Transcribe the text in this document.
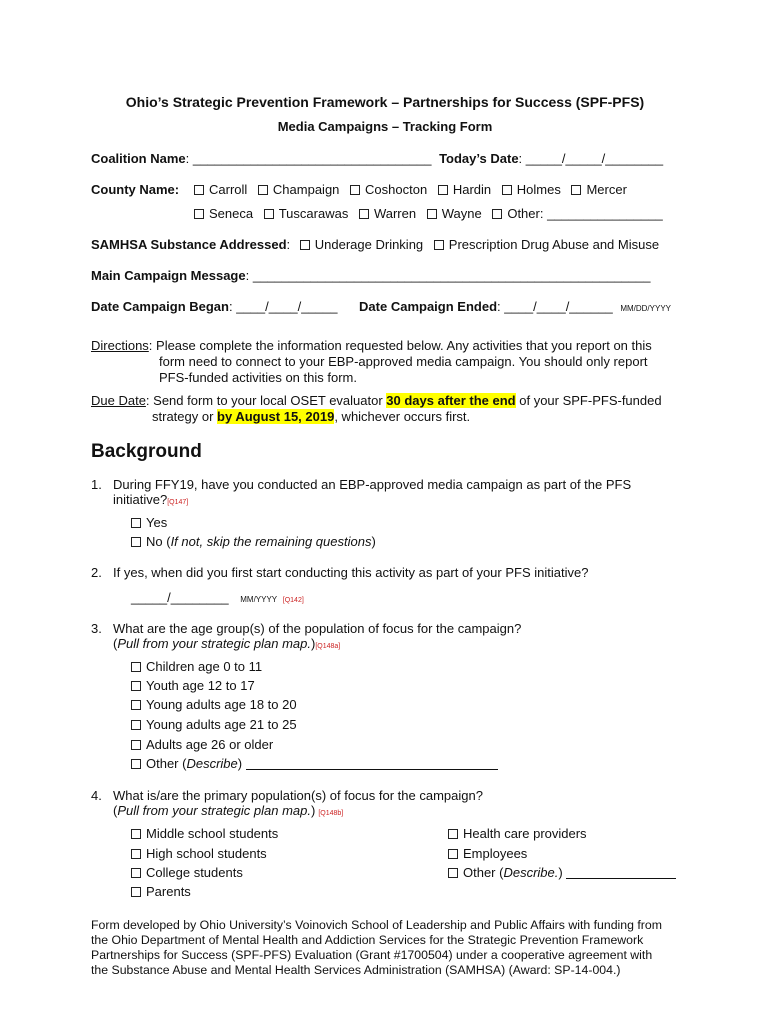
Ohio’s Strategic Prevention Framework – Partnerships for Success (SPF-PFS)
Media Campaigns – Tracking Form
Coalition Name: _________________________________ Today’s Date: _____/_____/________
County Name:	Carroll Champaign Coshocton Hardin Holmes Mercer
Seneca Tuscarawas Warren Wayne Other: ________________
SAMHSA Substance Addressed: Underage Drinking Prescription Drug Abuse and Misuse
Main Campaign Message: _______________________________________________________
Date Campaign Began: ____/____/_____ Date Campaign Ended: ____/____/______ MM/DD/YYYY
Directions: Please complete the information requested below. Any activities that you report on this
form need to connect to your EBP-approved media campaign. You should only report
PFS-funded activities on this form.
Due Date: Send form to your local OSET evaluator 30 days after the end of your SPF-PFS-funded
strategy or by August 15, 2019, whichever occurs first.
Background
1. During FFY19, have you conducted an EBP-approved media campaign as part of the PFS
initiative?[Q147]
Yes
No (If not, skip the remaining questions)
2. If yes, when did you first start conducting this activity as part of your PFS initiative?
_____/________ MM/YYYY [Q142]
3. What are the age group(s) of the population of focus for the campaign?
(Pull from your strategic plan map.)[Q148a]
Children age 0 to 11
Youth age 12 to 17
Young adults age 18 to 20
Young adults age 21 to 25
Adults age 26 or older
Other (Describe)
4. What is/are the primary population(s) of focus for the campaign?
(Pull from your strategic plan map.) [Q148b]
Middle school students
High school students
College students
Parents
Health care providers
Employees
Other (Describe.)
Form developed by Ohio University’s Voinovich School of Leadership and Public Affairs with funding from
the Ohio Department of Mental Health and Addiction Services for the Strategic Prevention Framework
Partnerships for Success (SPF-PFS) Evaluation (Grant #1700504) under a cooperative agreement with
the Substance Abuse and Mental Health Services Administration (SAMHSA) (Award: SP-14-004.)
